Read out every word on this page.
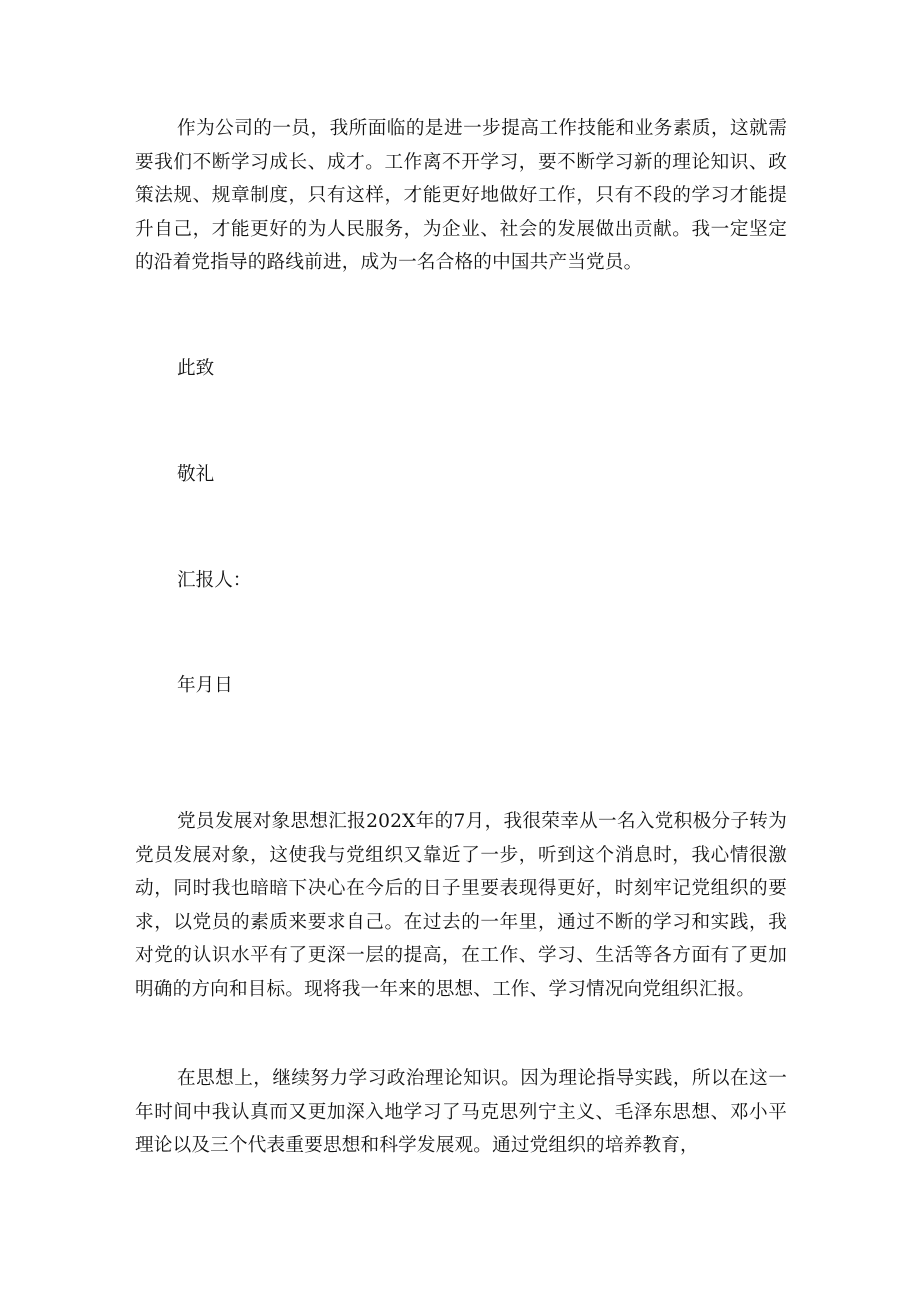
作为公司的一员，我所面临的是进一步提高工作技能和业务素质，这就需要我们不断学习成长、成才。工作离不开学习，要不断学习新的理论知识、政策法规、规章制度，只有这样，才能更好地做好工作，只有不段的学习才能提升自己，才能更好的为人民服务，为企业、社会的发展做出贡献。我一定坚定的沿着党指导的路线前进，成为一名合格的中国共产当党员。

此致

敬礼

汇报人：

年月日

党员发展对象思想汇报202X年的7月，我很荣幸从一名入党积极分子转为党员发展对象，这使我与党组织又靠近了一步，听到这个消息时，我心情很激动，同时我也暗暗下决心在今后的日子里要表现得更好，时刻牢记党组织的要求，以党员的素质来要求自己。在过去的一年里，通过不断的学习和实践，我对党的认识水平有了更深一层的提高，在工作、学习、生活等各方面有了更加明确的方向和目标。现将我一年来的思想、工作、学习情况向党组织汇报。

在思想上，继续努力学习政治理论知识。因为理论指导实践，所以在这一年时间中我认真而又更加深入地学习了马克思列宁主义、毛泽东思想、邓小平理论以及三个代表重要思想和科学发展观。通过党组织的培养教育，
